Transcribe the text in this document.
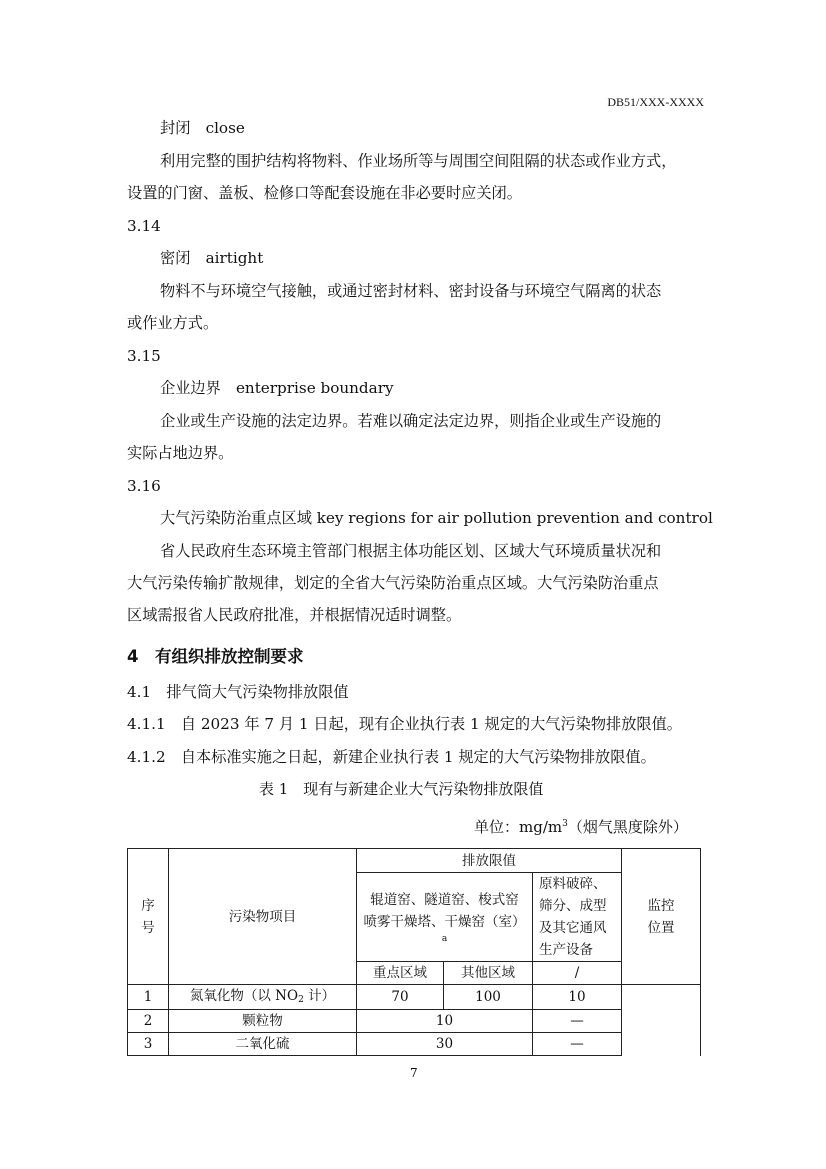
DB51/XXX-XXXX
封闭　close
利用完整的围护结构将物料、作业场所等与周围空间阻隔的状态或作业方式，
设置的门窗、盖板、检修口等配套设施在非必要时应关闭。
3.14
密闭　airtight
物料不与环境空气接触，或通过密封材料、密封设备与环境空气隔离的状态
或作业方式。
3.15
企业边界　enterprise boundary
企业或生产设施的法定边界。若难以确定法定边界，则指企业或生产设施的
实际占地边界。
3.16
大气污染防治重点区域 key regions for air pollution prevention and control
省人民政府生态环境主管部门根据主体功能区划、区域大气环境质量状况和
大气污染传输扩散规律，划定的全省大气污染防治重点区域。大气污染防治重点
区域需报省人民政府批准，并根据情况适时调整。
4　有组织排放控制要求
4.1　排气筒大气污染物排放限值
4.1.1　自 2023 年 7 月 1 日起，现有企业执行表 1 规定的大气污染物排放限值。
4.1.2　自本标准实施之日起，新建企业执行表 1 规定的大气污染物排放限值。
表 1　现有与新建企业大气污染物排放限值
单位：$mg/m^3$（烟气黑度除外）
序
号	污染物项目	排放限值			监控
位置
		辊道窑、隧道窑、梭式窑
喷雾干燥塔、干燥窑（室）
a		原料破碎、
筛分、成型
及其它通风
生产设备	
		重点区域	其他区域	/	
1	氮氧化物（以 $NO_2$ 计）	70	100	10	
2	颗粒物	10		—	
3	二氧化硫	30		—	
7
